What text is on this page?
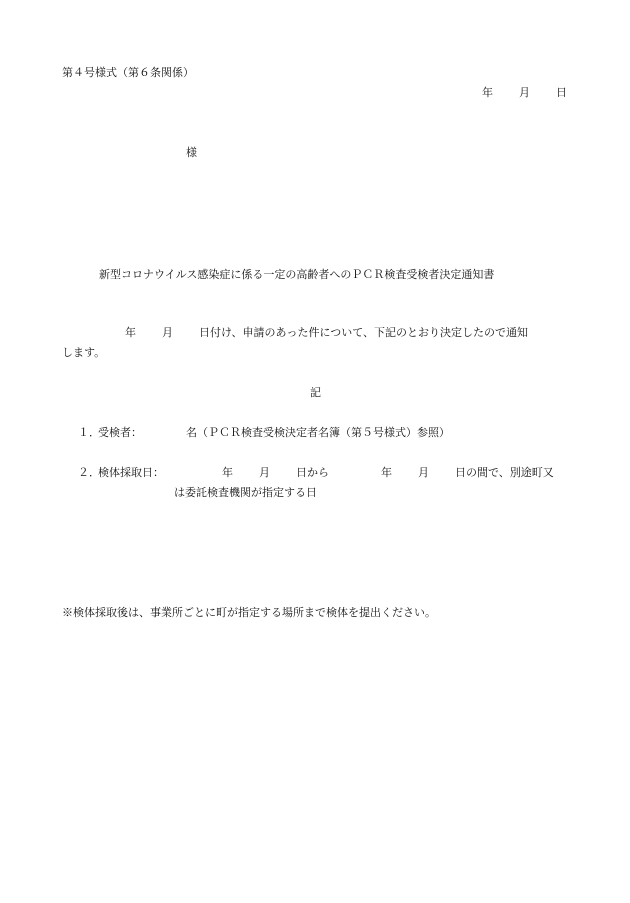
第４号様式（第６条関係）
年 月 日
様
新型コロナウイルス感染症に係る一定の高齢者へのＰＣＲ検査受検者決定通知書
年 月 日付け、申請のあった件について、下記のとおり決定したので通知
します。
記
１．
受検者：	名（ＰＣＲ検査受検決定者名簿（第５号様式）参照）
２．
検体採取日：	年 月 日から	年 月 日の間で、別途町又
は委託検査機関が指定する日
※検体採取後は、事業所ごとに町が指定する場所まで検体を提出ください。
